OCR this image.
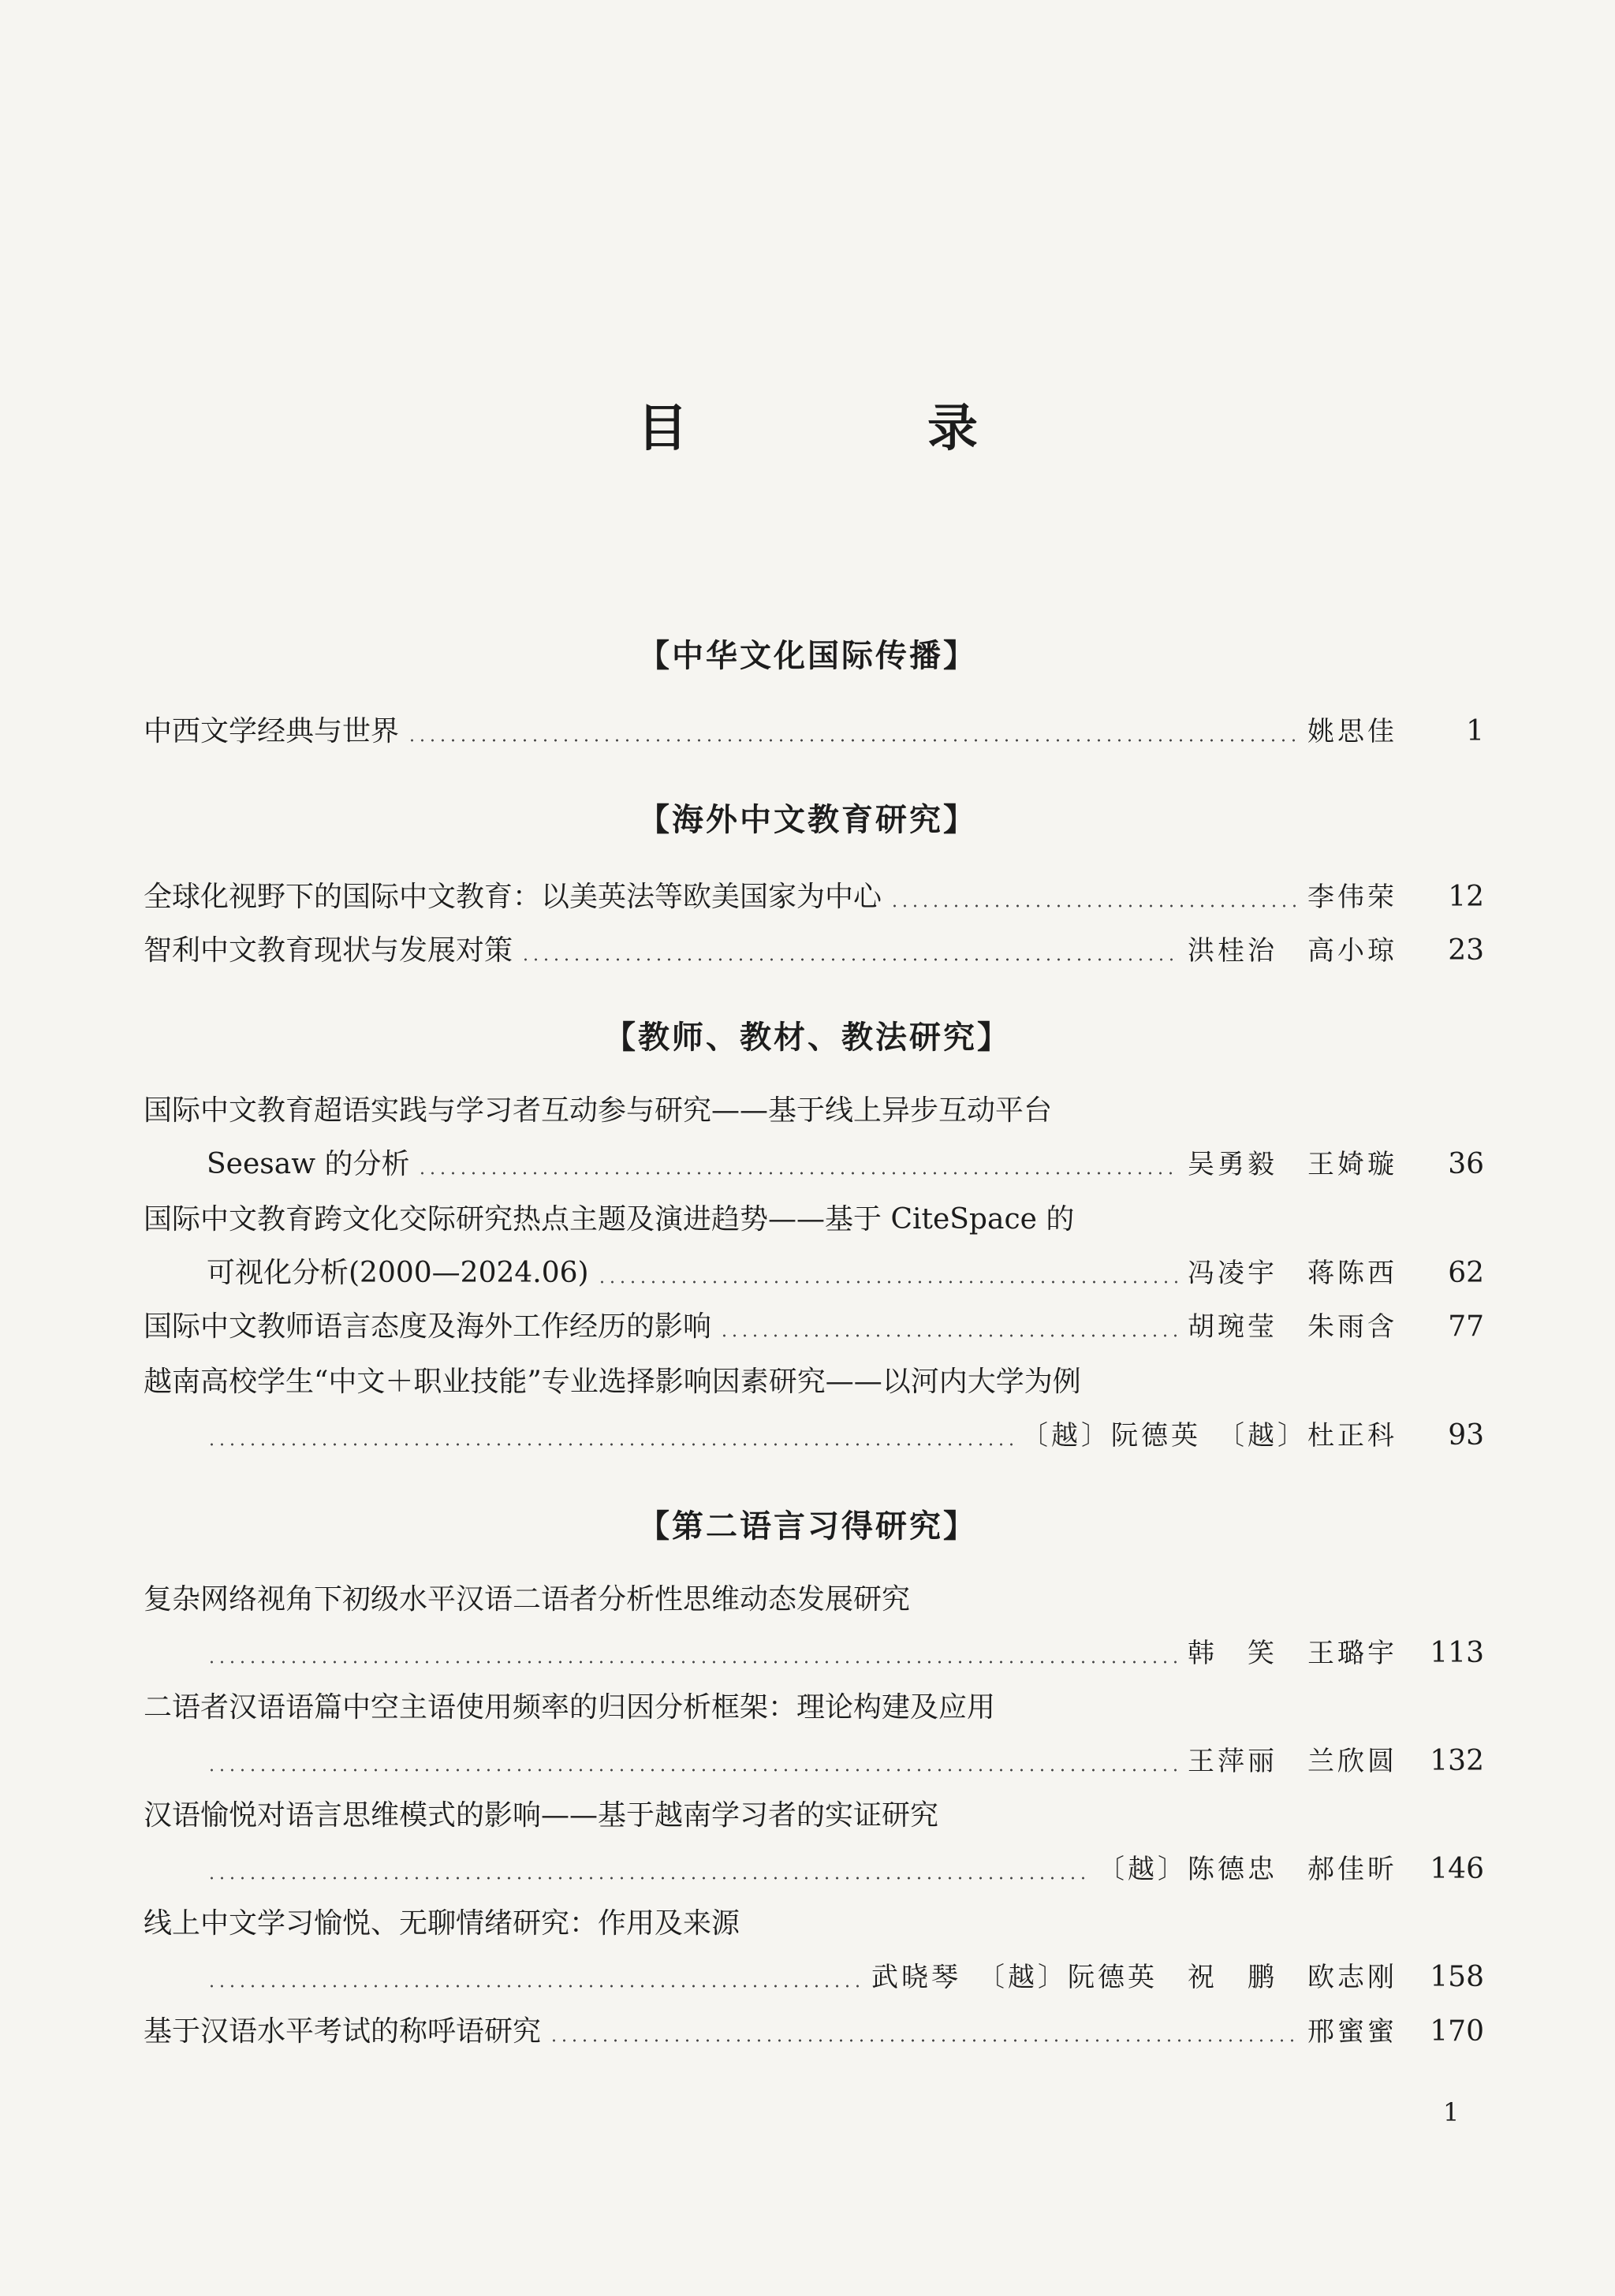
目　录
【中华文化国际传播】
中西文学经典与世界	姚思佳	1
【海外中文教育研究】
全球化视野下的国际中文教育：以美英法等欧美国家为中心	李伟荣	12
智利中文教育现状与发展对策	洪桂治　高小琼	23
【教师、教材、教法研究】
国际中文教育超语实践与学习者互动参与研究——基于线上异步互动平台
Seesaw 的分析	吴勇毅　王婍璇	36
国际中文教育跨文化交际研究热点主题及演进趋势——基于 CiteSpace 的
可视化分析(2000—2024.06)	冯凌宇　蒋陈西	62
国际中文教师语言态度及海外工作经历的影响	胡琬莹　朱雨含	77
越南高校学生“中文＋职业技能”专业选择影响因素研究——以河内大学为例
〔越〕阮德英　〔越〕杜正科	93
【第二语言习得研究】
复杂网络视角下初级水平汉语二语者分析性思维动态发展研究
韩　笑　王璐宇	113
二语者汉语语篇中空主语使用频率的归因分析框架：理论构建及应用
王萍丽　兰欣圆	132
汉语愉悦对语言思维模式的影响——基于越南学习者的实证研究
〔越〕陈德忠　郝佳昕	146
线上中文学习愉悦、无聊情绪研究：作用及来源
武晓琴　〔越〕阮德英　祝　鹏　欧志刚	158
基于汉语水平考试的称呼语研究	邢蜜蜜	170
1
